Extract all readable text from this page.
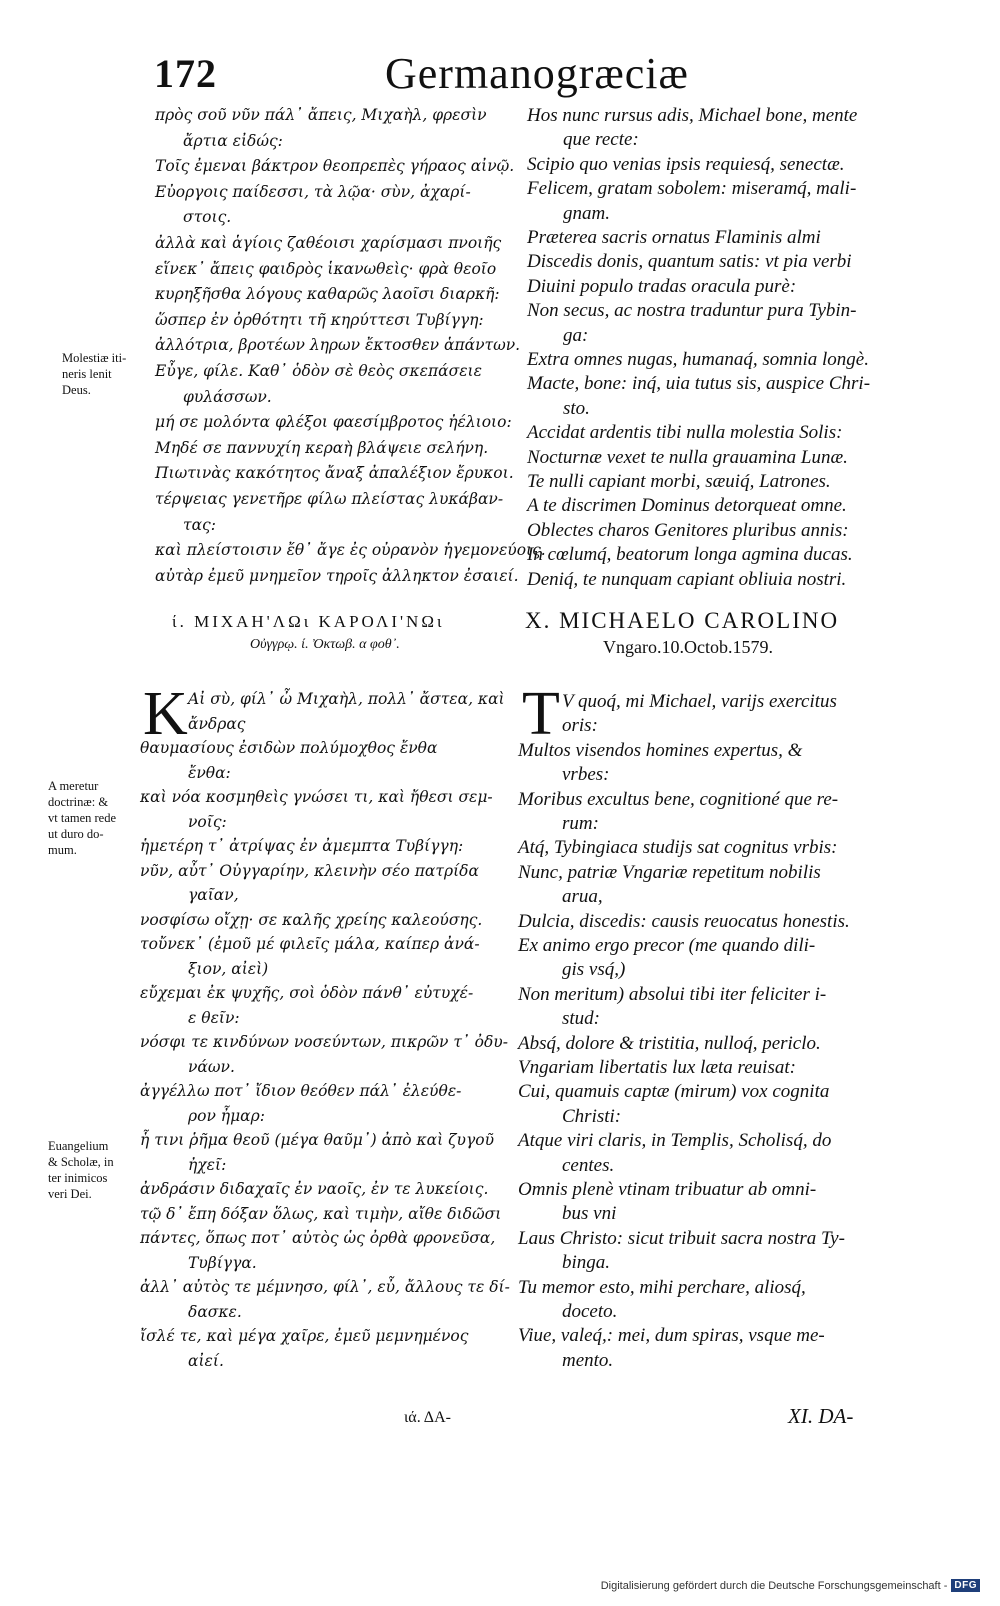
172	Germanogræciæ
πρὸς σοῦ νῦν πάλ᾽ ἄπεις, Μιχαὴλ, φρεσὶν
ἄρτια εἰδώς:
Τοῖς ἐμεναι βάκτρον θεοπρεπὲς γήραος αἰνῷ.
Εὐοργοις παίδεσσι, τὰ λῷα· σὺν, ἀχαρί-
στοις.
ἀλλὰ καὶ ἁγίοις ζαθέοισι χαρίσμασι πνοιῆς
εἵνεκ᾽ ἄπεις φαιδρὸς ἱκανωθεὶς· φρὰ θεοῖο
κυρηξῆσθα λόγους καθαρῶς λαοῖσι διαρκῆ:
ὥσπερ ἐν ὀρθότητι τῆ κηρύττεσι Τυβίγγη:
ἀλλότρια, βροτέων ληρων ἔκτοσθεν ἁπάντων.
Εὖγε, φίλε. Καθ᾽ ὁδὸν σὲ θεὸς σκεπάσειε
φυλάσσων.
μή σε μολόντα φλέξοι φαεσίμβροτος ἠέλιοιο:
Μηδέ σε παννυχίη κεραὴ βλάψειε σελήνη.
Πιωτινὰς κακότητος ἄναξ ἀπαλέξιον ἔρυκοι.
τέρψειας γενετῆρε φίλω πλείστας λυκάβαν-
τας:
καὶ πλείστοισιν ἔθ᾽ ἄγε ἐς οὐρανὸν ἡγεμονεύοις.
αὐτὰρ ἐμεῦ μνημεῖον τηροῖς ἀλληκτον ἐσαιεί.
Hos nunc rursus adis, Michael bone, mente
que recte:
Scipio quo venias ipsis requiesq́, senectæ.
Felicem, gratam sobolem: miseramq́, mali-
gnam.
Præterea sacris ornatus Flaminis almi
Discedis donis, quantum satis: vt pia verbi
Diuini populo tradas oracula purè:
Non secus, ac nostra traduntur pura Tybin-
ga:
Extra omnes nugas, humanaq́, somnia longè.
Macte, bone: inq́, uia tutus sis, auspice Chri-
sto.
Accidat ardentis tibi nulla molestia Solis:
Nocturnæ vexet te nulla grauamina Lunæ.
Te nulli capiant morbi, sæuiq́, Latrones.
A te discrimen Dominus detorqueat omne.
Oblectes charos Genitores pluribus annis:
In cœlumq́, beatorum longa agmina ducas.
Deniq́, te nunquam capiant obliuia nostri.
Molestiæ iti-
neris lenit
Deus.
ί. ΜΙΧΑΗ'ΛΩι ΚΑΡΟΛΙ'ΝΩι
Οὐγγρῳ. ί. Ὀκτωβ. α φοθ᾽.
X. MICHAELO CAROLINO
Vngaro.10.Octob.1579.
K	T
Αἰ σὺ, φίλ᾽ ὦ Μιχαὴλ, πολλ᾽ ἄστεα, καὶ
ἄνδρας
θαυμασίους ἐσιδὼν πολύμοχθος ἔνθα
ἔνθα:
καὶ νόα κοσμηθεὶς γνώσει τι, καὶ ἤθεσι σεμ-
νοῖς:
ἡμετέρη τ᾽ ἀτρίψας ἐν ἀμεμπτα Τυβίγγη:
νῦν, αὖτ᾽ Οὐγγαρίην, κλεινὴν σέο πατρίδα
γαῖαν,
νοσφίσω οἴχῃ· σε καλῆς χρείης καλεούσης.
τοὔνεκ᾽ (ἐμοῦ μέ φιλεῖς μάλα, καίπερ ἀνά-
ξιον, αἰεὶ)
εὔχεμαι ἐκ ψυχῆς, σοὶ ὁδὸν πάνθ᾽ εὐτυχέ-
ε θεῖν:
νόσφι τε κινδύνων νοσεύντων, πικρῶν τ᾽ ὀδυ-
νάων.
ἀγγέλλω ποτ᾽ ἴδιον θεόθεν πάλ᾽ ἐλεύθε-
ρον ἦμαρ:
ἧ τινι ῥῆμα θεοῦ (μέγα θαῦμ᾽) ἀπὸ καὶ ζυγοῦ
ἠχεῖ:
ἀνδράσιν διδαχαῖς ἐν ναοῖς, ἐν τε λυκείοις.
τῷ δ᾽ ἔπη δόξαν ὅλως, καὶ τιμὴν, αἴθε διδῶσι
πάντες, ὅπως ποτ᾽ αὐτὸς ὡς ὀρθὰ φρονεῦσα,
Τυβίγγα.
ἀλλ᾽ αὐτὸς τε μέμνησο, φίλ᾽, εὖ, ἄλλους τε δί-
δασκε.
ἴσλέ τε, καὶ μέγα χαῖρε, ἐμεῦ μεμνημένος
αἰεί.
V quoq́, mi Michael, varijs exercitus
oris:
Multos visendos homines expertus, &
vrbes:
Moribus excultus bene, cognitioné que re-
rum:
Atq́, Tybingiaca studijs sat cognitus vrbis:
Nunc, patriæ Vngariæ repetitum nobilis
arua,
Dulcia, discedis: causis reuocatus honestis.
Ex animo ergo precor (me quando dili-
gis vsq́,)
Non meritum) absolui tibi iter feliciter i-
stud:
Absq́, dolore & tristitia, nulloq́, periclo.
Vngariam libertatis lux læta reuisat:
Cui, quamuis captæ (mirum) vox cognita
Christi:
Atque viri claris, in Templis, Scholisq́, do
centes.
Omnis plenè vtinam tribuatur ab omni-
bus vni
Laus Christo: sicut tribuit sacra nostra Ty-
binga.
Tu memor esto, mihi perchare, aliosq́,
doceto.
Viue, valeq́,: mei, dum spiras, vsque me-
mento.
A meretur
doctrinæ: &
vt tamen rede
ut duro do-
mum.
Euangelium
& Scholæ, in
ter inimicos
veri Dei.
ιά. ΔΑ-	XI. DA-
Digitalisierung gefördert durch die Deutsche Forschungsgemeinschaft - DFG
